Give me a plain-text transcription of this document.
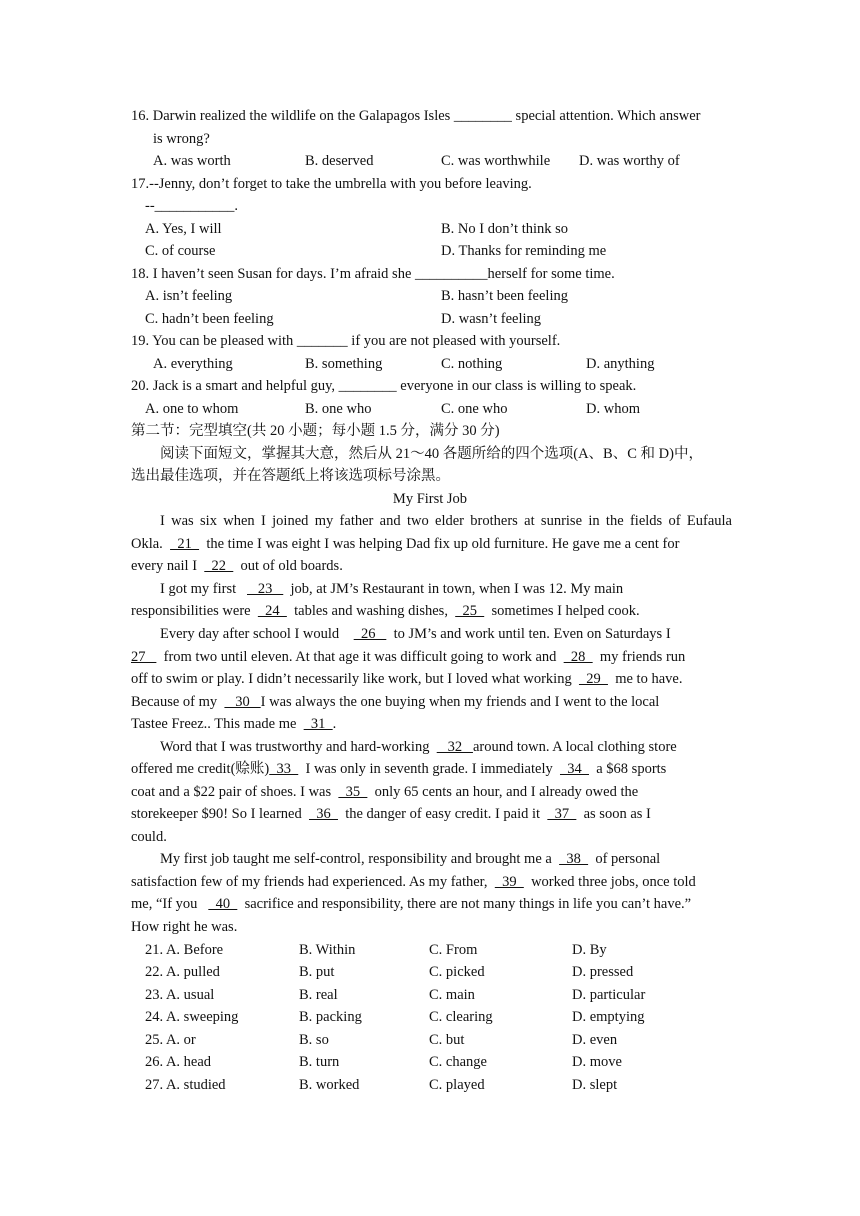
16. Darwin realized the wildlife on the Galapagos Isles ________ special attention. Which answer
is wrong?
A. was worth	B. deserved	C. was worthwhile D. was worthy of
17.--Jenny, don’t forget to take the umbrella with you before leaving.
--___________.
A. Yes, I will	B. No I don’t think so
C. of course	D. Thanks for reminding me
18. I haven’t seen Susan for days. I’m afraid she __________herself for some time.
A. isn’t feeling	B. hasn’t been feeling
C. hadn’t been feeling	D. wasn’t feeling
19. You can be pleased with _______ if you are not pleased with yourself.
A. everything	B. something	C. nothing	D. anything
20. Jack is a smart and helpful guy, ________ everyone in our class is willing to speak.
A. one to whom	B. one who	C. one who	D. whom
第二节：完型填空(共 20 小题；每小题 1.5 分，满分 30 分)
阅读下面短文，掌握其大意，然后从 21～40 各题所给的四个选项(A、B、C 和 D)中，
选出最佳选项，并在答题纸上将该选项标号涂黑。
My First Job
I was six when I joined my father and two elder brothers at sunrise in the fields of Eufaula
Okla.    21    the time I was eight I was helping Dad fix up old furniture. He gave me a cent for
every nail I    22    out of old boards.
I got my first      23     job, at JM’s Restaurant in town, when I was 12. My main
responsibilities were    24    tables and washing dishes,    25    sometimes I helped cook.
Every day after school I would      26     to JM’s and work until ten. Even on Saturdays I
27     from two until eleven. At that age it was difficult going to work and    28    my friends run
off to swim or play. I didn’t necessarily like work, but I loved what working    29    me to have.
Because of my     30   I was always the one buying when my friends and I went to the local
Tastee Freez.. This made me    31  .
Word that I was trustworthy and hard-working     32   around town. A local clothing store
offered me credit(赊账)  33    I was only in seventh grade. I immediately    34    a $68 sports
coat and a $22 pair of shoes. I was    35    only 65 cents an hour, and I already owed the
storekeeper $90! So I learned    36    the danger of easy credit. I paid it    37    as soon as I
could.
My first job taught me self-control, responsibility and brought me a    38    of personal
satisfaction few of my friends had experienced. As my father,    39    worked three jobs, once told
me, “If you     40    sacrifice and responsibility, there are not many things in life you can’t have.”
How right he was.
21. A. Before	B. Within	C. From	D. By
22. A. pulled	B. put	C. picked	D. pressed
23. A. usual	B. real	C. main	D. particular
24. A. sweeping	B. packing	C. clearing	D. emptying
25. A. or	B. so	C. but	D. even
26. A. head	B. turn	C. change	D. move
27. A. studied	B. worked	C. played	D. slept
